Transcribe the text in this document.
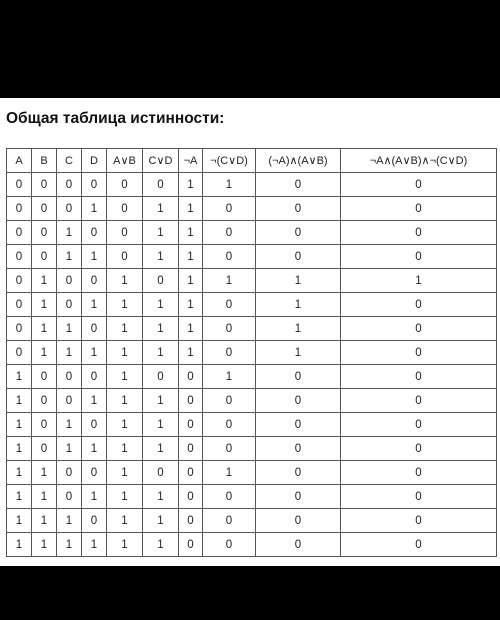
Общая таблица истинности:
A	B	C	D	A∨B	C∨D	¬A	¬(C∨D)	(¬A)∧(A∨B)	¬A∧(A∨B)∧¬(C∨D)
0	0	0	0	0	0	1	1	0	0
0	0	0	1	0	1	1	0	0	0
0	0	1	0	0	1	1	0	0	0
0	0	1	1	0	1	1	0	0	0
0	1	0	0	1	0	1	1	1	1
0	1	0	1	1	1	1	0	1	0
0	1	1	0	1	1	1	0	1	0
0	1	1	1	1	1	1	0	1	0
1	0	0	0	1	0	0	1	0	0
1	0	0	1	1	1	0	0	0	0
1	0	1	0	1	1	0	0	0	0
1	0	1	1	1	1	0	0	0	0
1	1	0	0	1	0	0	1	0	0
1	1	0	1	1	1	0	0	0	0
1	1	1	0	1	1	0	0	0	0
1	1	1	1	1	1	0	0	0	0
